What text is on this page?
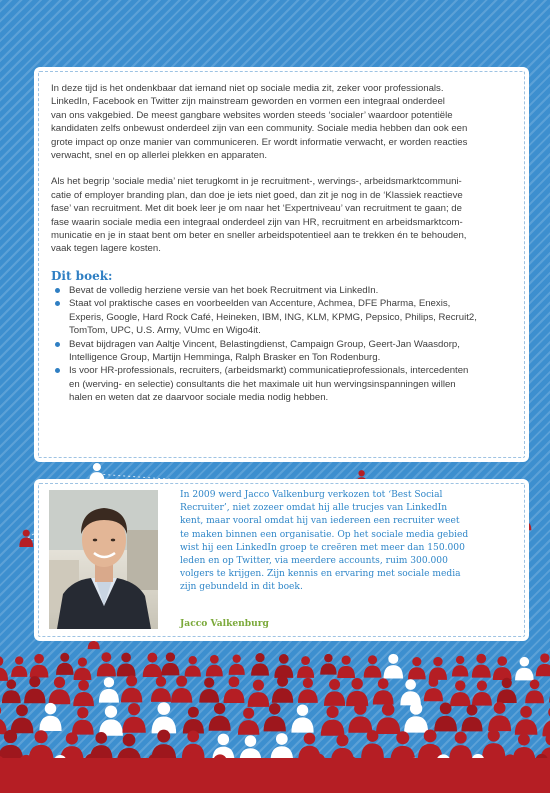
In deze tijd is het ondenkbaar dat iemand niet op sociale media zit, zeker voor professionals.
LinkedIn, Facebook en Twitter zijn mainstream geworden en vormen een integraal onderdeel
van ons vakgebied. De meest gangbare websites worden steeds ‘socialer’ waardoor potentiële
kandidaten zelfs onbewust onderdeel zijn van een community. Sociale media hebben dan ook een
grote impact op onze manier van communiceren. Er wordt informatie verwacht, er worden reacties
verwacht, snel en op allerlei plekken en apparaten.

Als het begrip ‘sociale media’ niet terugkomt in je recruitment-, wervings-, arbeidsmarktcommuni-
catie of employer branding plan, dan doe je iets niet goed, dan zit je nog in de ‘Klassiek reactieve
fase’ van recruitment. Met dit boek leer je om naar het ‘Expertniveau’ van recruitment te gaan; de
fase waarin sociale media een integraal onderdeel zijn van HR, recruitment en arbeidsmarktcom-
municatie en je in staat bent om beter en sneller arbeidspotentieel aan te trekken én te behouden,
vaak tegen lagere kosten.

Dit boek:
Bevat de volledig herziene versie van het boek Recruitment via LinkedIn.
Staat vol praktische cases en voorbeelden van Accenture, Achmea, DFE Pharma, Enexis,
Experis, Google, Hard Rock Café, Heineken, IBM, ING, KLM, KPMG, Pepsico, Philips, Recruit2,
TomTom, UPC, U.S. Army, VUmc en Wigo4it.
Bevat bijdragen van Aaltje Vincent, Belastingdienst, Campaign Group, Geert-Jan Waasdorp,
Intelligence Group, Martijn Hemminga, Ralph Brasker en Ton Rodenburg.
Is voor HR-professionals, recruiters, (arbeidsmarkt) communicatieprofessionals, intercedenten
en (werving- en selectie) consultants die het maximale uit hun wervingsinspanningen willen
halen en weten dat ze daarvoor sociale media nodig hebben.

In 2009 werd Jacco Valkenburg verkozen tot ‘Best Social
Recruiter’, niet zozeer omdat hij alle trucjes van LinkedIn
kent, maar vooral omdat hij van iedereen een recruiter weet
te maken binnen een organisatie. Op het sociale media gebied
wist hij een LinkedIn groep te creëren met meer dan 150.000
leden en op Twitter, via meerdere accounts, ruim 300.000
volgers te krijgen. Zijn kennis en ervaring met sociale media
zijn gebundeld in dit boek.

Jacco Valkenburg
